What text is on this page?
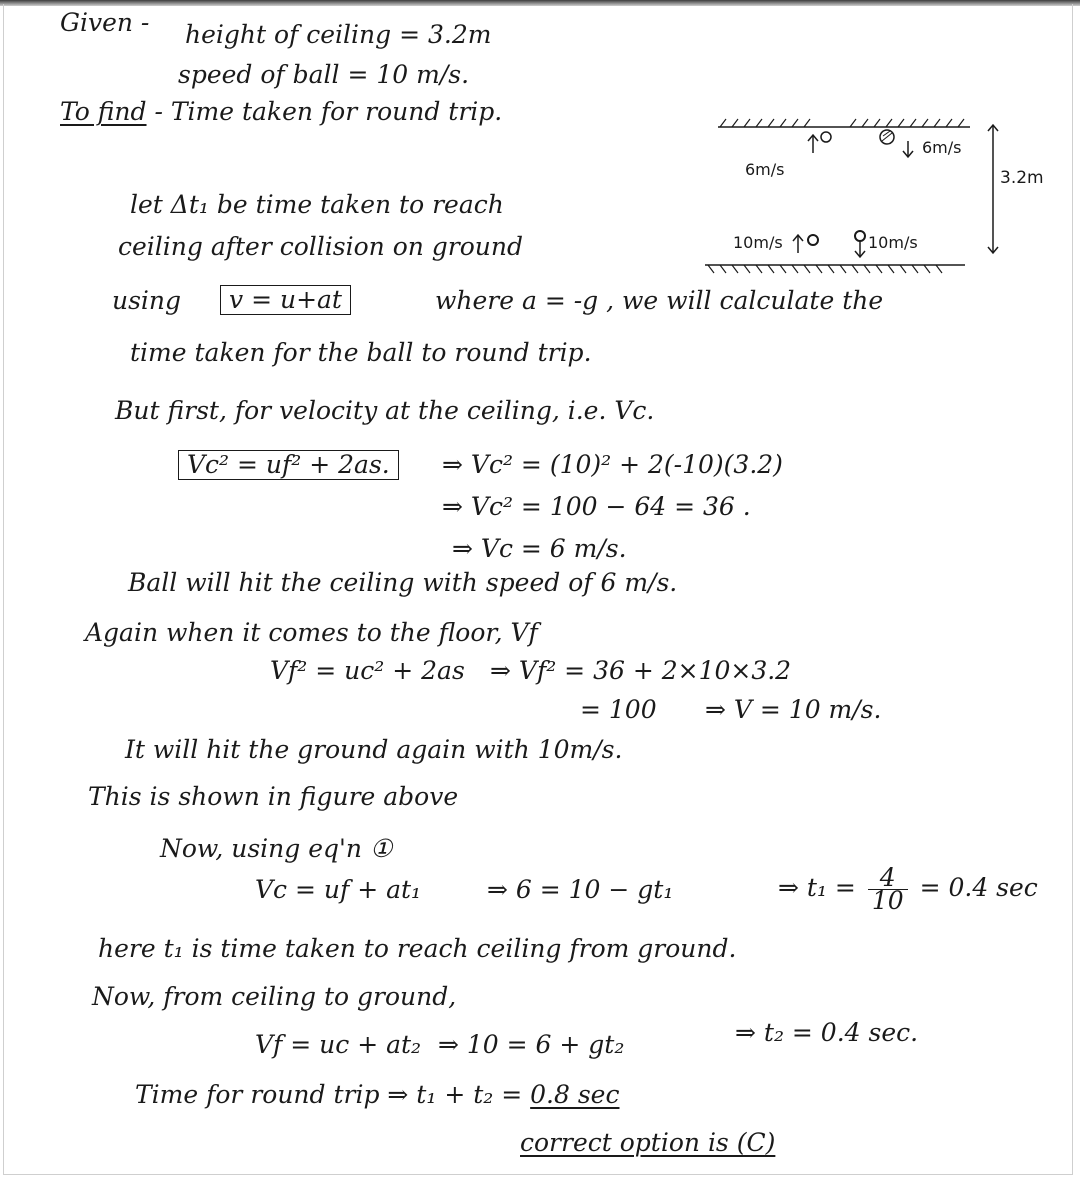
Given - height of ceiling = 3.2m
speed of ball = 10 m/s.
To find - Time taken for round trip.
6m/s
6m/s
10m/s	10m/s
3.2m
let Δt₁ be time taken to reach
ceiling after collision on ground
using	v = u+at	where a = -g , we will calculate the
time taken for the ball to round trip.
But first, for velocity at the ceiling, i.e. Vc.
Vc² = uf² + 2as.	⇒ Vc² = (10)² + 2(-10)(3.2)
⇒ Vc² = 100 − 64 = 36 .
⇒ Vc = 6 m/s.
Ball will hit the ceiling with speed of 6 m/s.
Again when it comes to the floor, Vf
Vf² = uc² + 2as ⇒ Vf² = 36 + 2×10×3.2
= 100 ⇒ V = 10 m/s.
It will hit the ground again with 10m/s.
This is shown in figure above
Now, using eq'n ①
Vc = uf + at₁	⇒ 6 = 10 − gt₁	⇒ $t_1 = \frac{4}{10} = 0.4$ sec
here t₁ is time taken to reach ceiling from ground.
Now, from ceiling to ground,
Vf = uc + at₂ ⇒ 10 = 6 + gt₂	⇒ t₂ = 0.4 sec.
Time for round trip ⇒ t₁ + t₂ = 0.8 sec
correct option is (C)
